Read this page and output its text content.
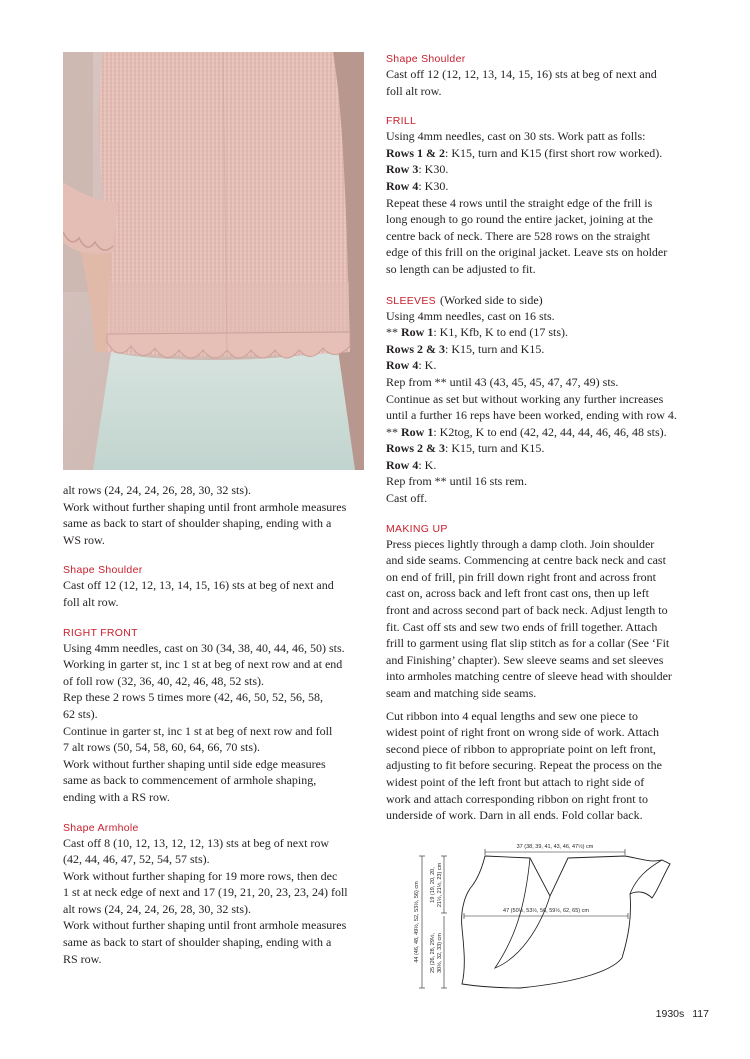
alt rows (24, 24, 24, 26, 28, 30, 32 sts).

Work without further shaping until front armhole measures

same as back to start of shoulder shaping, ending with a

WS row.

Shape Shoulder

Cast off 12 (12, 12, 13, 14, 15, 16) sts at beg of next and

foll alt row.

RIGHT FRONT

Using 4mm needles, cast on 30 (34, 38, 40, 44, 46, 50) sts.

Working in garter st, inc 1 st at beg of next row and at end

of foll row (32, 36, 40, 42, 46, 48, 52 sts).

Rep these 2 rows 5 times more (42, 46, 50, 52, 56, 58,

62 sts).

Continue in garter st, inc 1 st at beg of next row and foll

7 alt rows (50, 54, 58, 60, 64, 66, 70 sts).

Work without further shaping until side edge measures

same as back to commencement of armhole shaping,

ending with a RS row.

Shape Armhole

Cast off 8 (10, 12, 13, 12, 12, 13) sts at beg of next row

(42, 44, 46, 47, 52, 54, 57 sts).

Work without further shaping for 19 more rows, then dec

1 st at neck edge of next and 17 (19, 21, 20, 23, 23, 24) foll

alt rows (24, 24, 24, 26, 28, 30, 32 sts).

Work without further shaping until front armhole measures

same as back to start of shoulder shaping, ending with a

RS row.

Shape Shoulder

Cast off 12 (12, 12, 13, 14, 15, 16) sts at beg of next and

foll alt row.

FRILL

Using 4mm needles, cast on 30 sts. Work patt as folls:

Rows 1 & 2: K15, turn and K15 (first short row worked).

Row 3: K30.

Row 4: K30.

Repeat these 4 rows until the straight edge of the frill is

long enough to go round the entire jacket, joining at the

centre back of neck. There are 528 rows on the straight

edge of this frill on the original jacket. Leave sts on holder

so length can be adjusted to fit.

SLEEVES (Worked side to side)

Using 4mm needles, cast on 16 sts.

** Row 1: K1, Kfb, K to end (17 sts).

Rows 2 & 3: K15, turn and K15.

Row 4: K.

Rep from ** until 43 (43, 45, 45, 47, 47, 49) sts.

Continue as set but without working any further increases

until a further 16 reps have been worked, ending with row 4.

** Row 1: K2tog, K to end (42, 42, 44, 44, 46, 46, 48 sts).

Rows 2 & 3: K15, turn and K15.

Row 4: K.

Rep from ** until 16 sts rem.

Cast off.

MAKING UP

Press pieces lightly through a damp cloth. Join shoulder

and side seams. Commencing at centre back neck and cast

on end of frill, pin frill down right front and across front

cast on, across back and left front cast ons, then up left

front and across second part of back neck. Adjust length to

fit. Cast off sts and sew two ends of frill together. Attach

frill to garment using flat slip stitch as for a collar (See ‘Fit

and Finishing’ chapter). Sew sleeve seams and set sleeves

into armholes matching centre of sleeve head with shoulder

seam and matching side seams.

Cut ribbon into 4 equal lengths and sew one piece to

widest point of right front on wrong side of work. Attach

second piece of ribbon to appropriate point on left front,

adjusting to fit before securing. Repeat the process on the

widest point of the left front but attach to right side of

work and attach corresponding ribbon on right front to

underside of work. Darn in all ends. Fold collar back.

37 (38, 39, 41, 43, 46, 47½) cm
47 (50½, 53½, 56, 59½, 62, 65) cm
44 (46, 48, 49½, 52, 53½, 56) cm 19 (19, 20, 20, 21½, 21½, 23) cm
25 (26, 28, 29½, 30½, 32, 33) cm
1930s 117
